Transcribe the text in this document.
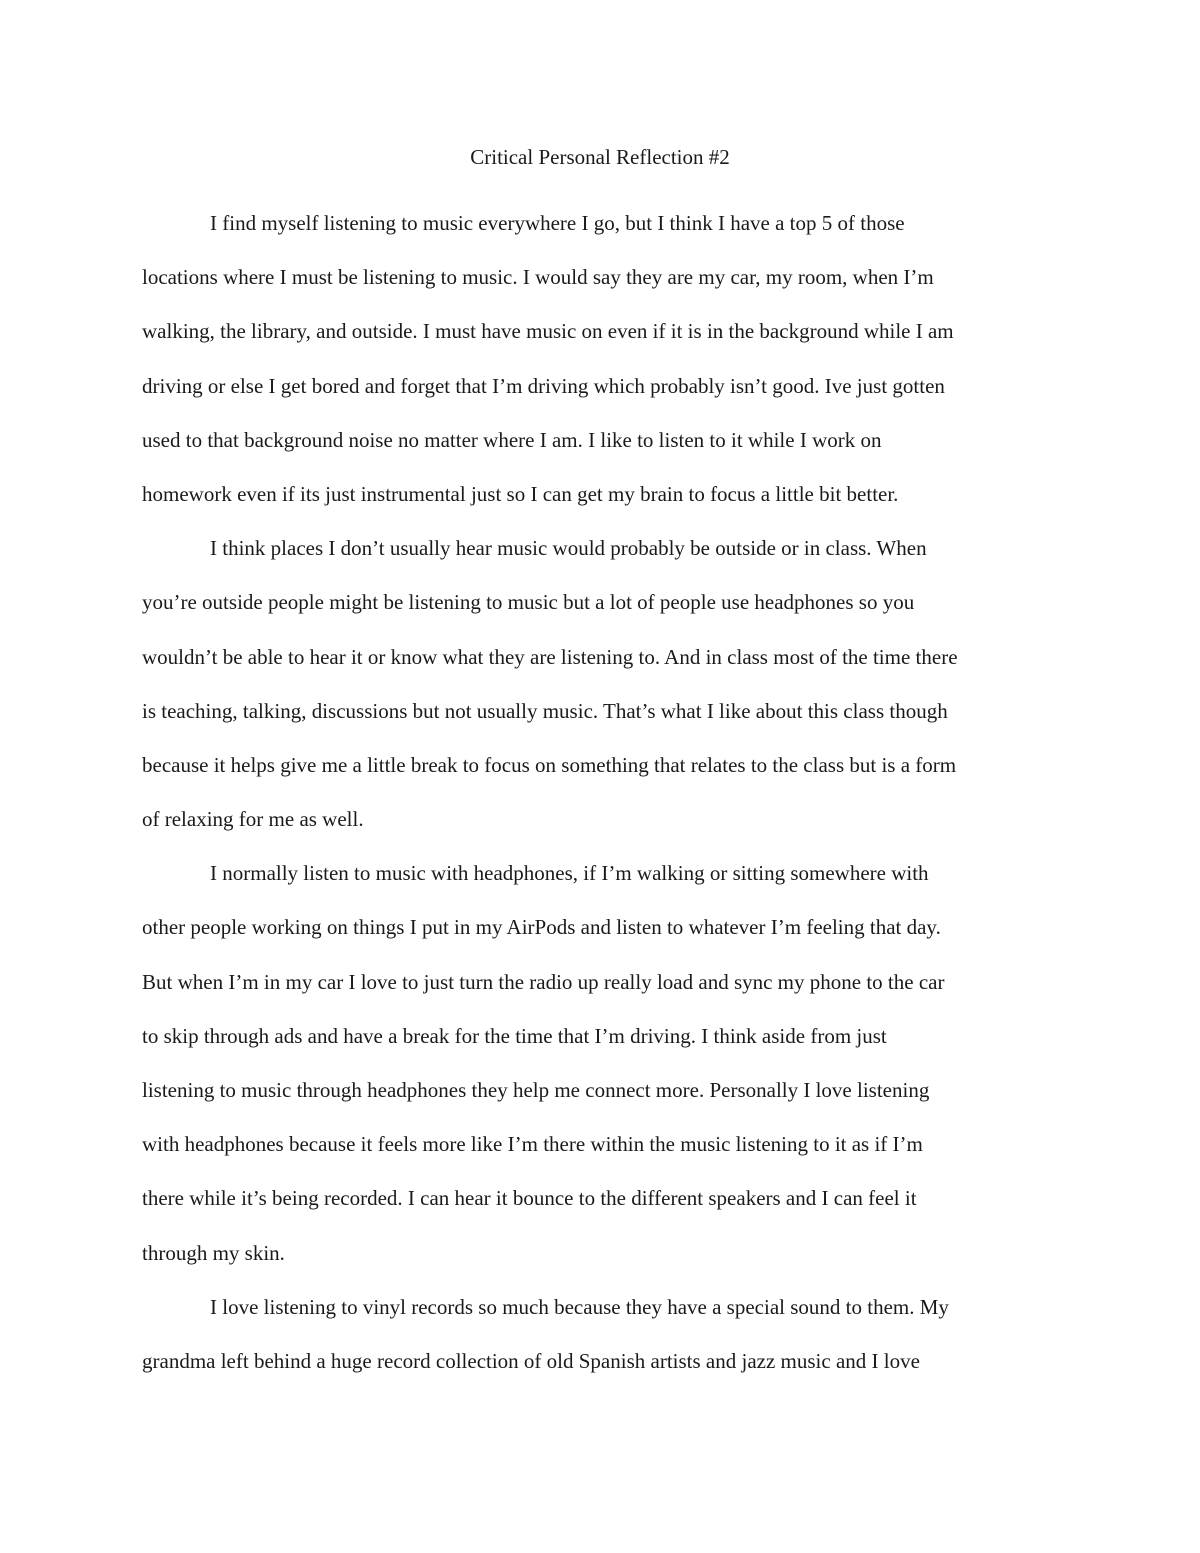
Critical Personal Reflection #2
I find myself listening to music everywhere I go, but I think I have a top 5 of those
locations where I must be listening to music. I would say they are my car, my room, when I’m
walking, the library, and outside. I must have music on even if it is in the background while I am
driving or else I get bored and forget that I’m driving which probably isn’t good. Ive just gotten
used to that background noise no matter where I am. I like to listen to it while I work on
homework even if its just instrumental just so I can get my brain to focus a little bit better.
I think places I don’t usually hear music would probably be outside or in class. When
you’re outside people might be listening to music but a lot of people use headphones so you
wouldn’t be able to hear it or know what they are listening to. And in class most of the time there
is teaching, talking, discussions but not usually music. That’s what I like about this class though
because it helps give me a little break to focus on something that relates to the class but is a form
of relaxing for me as well.
I normally listen to music with headphones, if I’m walking or sitting somewhere with
other people working on things I put in my AirPods and listen to whatever I’m feeling that day.
But when I’m in my car I love to just turn the radio up really load and sync my phone to the car
to skip through ads and have a break for the time that I’m driving. I think aside from just
listening to music through headphones they help me connect more. Personally I love listening
with headphones because it feels more like I’m there within the music listening to it as if I’m
there while it’s being recorded. I can hear it bounce to the different speakers and I can feel it
through my skin.
I love listening to vinyl records so much because they have a special sound to them. My
grandma left behind a huge record collection of old Spanish artists and jazz music and I love
